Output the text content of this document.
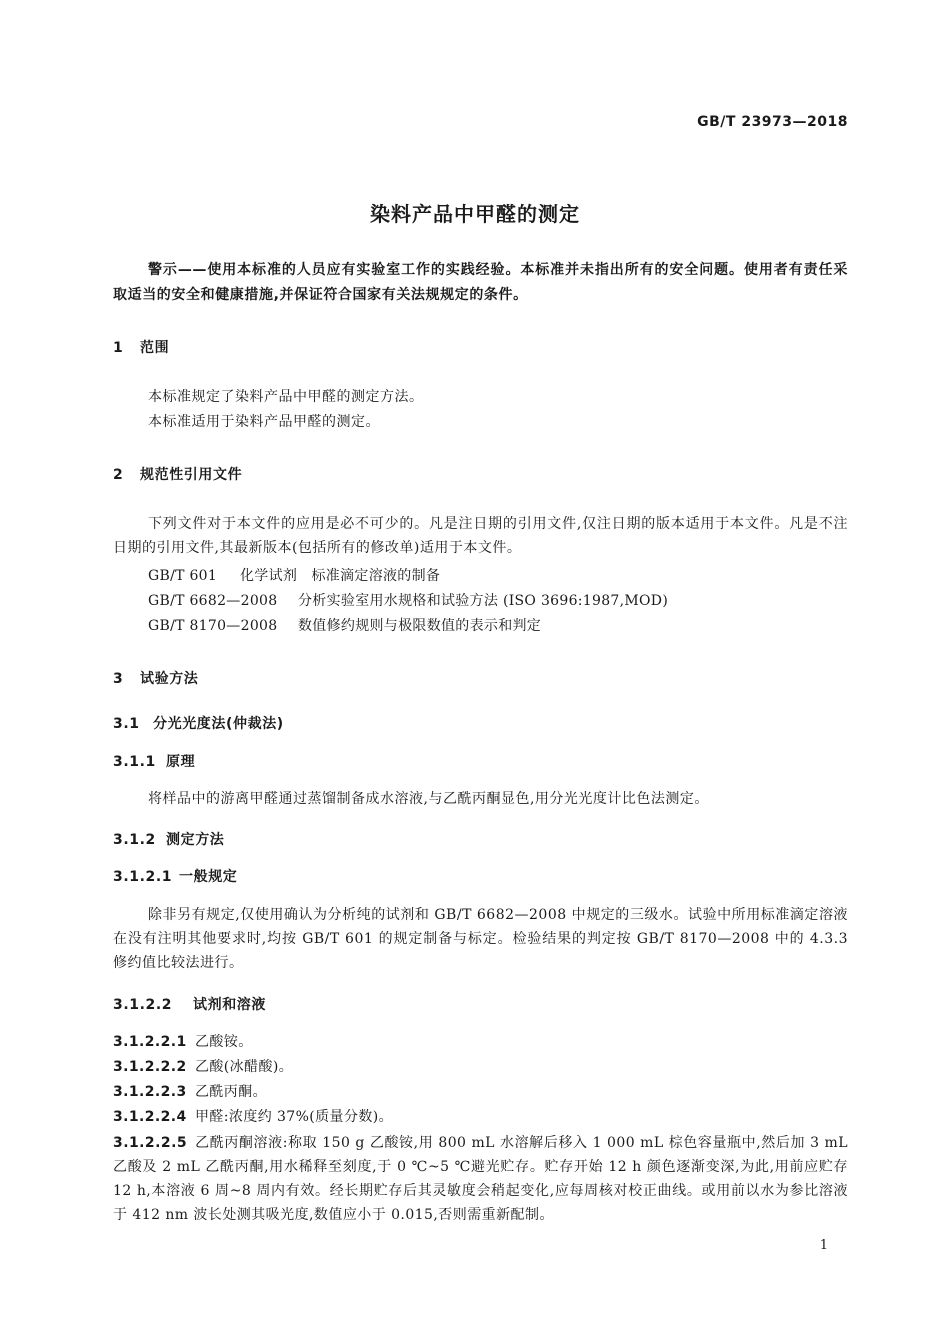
GB/T 23973—2018
染料产品中甲醛的测定

警示——使用本标准的人员应有实验室工作的实践经验。本标准并未指出所有的安全问题。使用者有责任采取适当的安全和健康措施,并保证符合国家有关法规规定的条件。

1 范围
本标准规定了染料产品中甲醛的测定方法。
本标准适用于染料产品甲醛的测定。
2 规范性引用文件

下列文件对于本文件的应用是必不可少的。凡是注日期的引用文件,仅注日期的版本适用于本文件。凡是不注日期的引用文件,其最新版本(包括所有的修改单)适用于本文件。

GB/T 601 化学试剂　标准滴定溶液的制备
GB/T 6682—2008 分析实验室用水规格和试验方法 (ISO 3696:1987,MOD)
GB/T 8170—2008 数值修约规则与极限数值的表示和判定
3 试验方法
3.1 分光光度法(仲裁法)
3.1.1 原理

将样品中的游离甲醛通过蒸馏制备成水溶液,与乙酰丙酮显色,用分光光度计比色法测定。

3.1.2 测定方法
3.1.2.1 一般规定

除非另有规定,仅使用确认为分析纯的试剂和 GB/T 6682—2008 中规定的三级水。试验中所用标准滴定溶液在没有注明其他要求时,均按 GB/T 601 的规定制备与标定。检验结果的判定按 GB/T 8170—2008 中的 4.3.3 修约值比较法进行。

3.1.2.2 试剂和溶液
3.1.2.2.1 乙酸铵。
3.1.2.2.2 乙酸(冰醋酸)。
3.1.2.2.3 乙酰丙酮。
3.1.2.2.4 甲醛:浓度约 37%(质量分数)。

3.1.2.2.5 乙酰丙酮溶液:称取 150 g 乙酸铵,用 800 mL 水溶解后移入 1 000 mL 棕色容量瓶中,然后加 3 mL 乙酸及 2 mL 乙酰丙酮,用水稀释至刻度,于 0 ℃~5 ℃避光贮存。贮存开始 12 h 颜色逐渐变深,为此,用前应贮存 12 h,本溶液 6 周~8 周内有效。经长期贮存后其灵敏度会稍起变化,应每周核对校正曲线。或用前以水为参比溶液于 412 nm 波长处测其吸光度,数值应小于 0.015,否则需重新配制。

1
